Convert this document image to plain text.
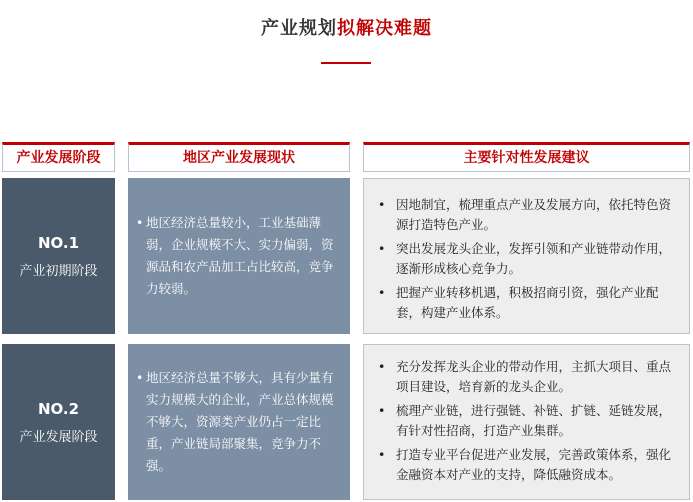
产业规划拟解决难题
产业发展阶段	地区产业发展现状	主要针对性发展建议
NO.1
产业初期阶段
• 地区经济总量较小，工业基础薄弱，企业规模不大、实力偏弱，资源品和农产品加工占比较高，竞争力较弱。
• 因地制宜，梳理重点产业及发展方向，依托特色资源打造特色产业。
• 突出发展龙头企业，发挥引领和产业链带动作用，逐渐形成核心竞争力。
• 把握产业转移机遇，积极招商引资，强化产业配套，构建产业体系。
NO.2
产业发展阶段
• 地区经济总量不够大，具有少量有实力规模大的企业，产业总体规模不够大，资源类产业仍占一定比重，产业链局部聚集，竞争力不强。
• 充分发挥龙头企业的带动作用，主抓大项目、重点项目建设，培育新的龙头企业。
• 梳理产业链，进行强链、补链、扩链、延链发展，有针对性招商，打造产业集群。
• 打造专业平台促进产业发展，完善政策体系，强化金融资本对产业的支持，降低融资成本。
